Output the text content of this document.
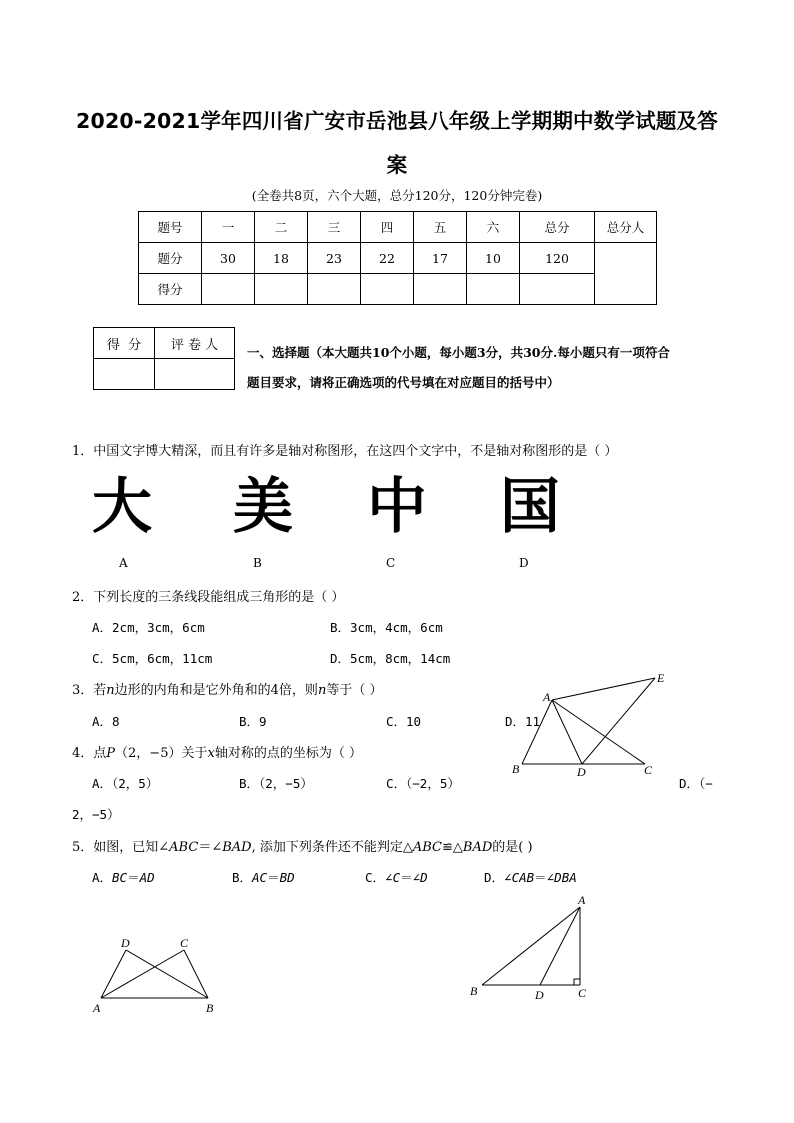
2020-2021学年四川省广安市岳池县八年级上学期期中数学试题及答
案
(全卷共8页，六个大题，总分120分，120分钟完卷)
题号	一	二	三	四	五	六	总分	总分人
题分	30	18	23	22	17	10	120	
得分								
得  分	评 卷 人
	一、选择题（本大题共10个小题，每小题3分，共30分.每小题只有一项符合
题目要求，请将正确选项的代号填在对应题目的括号中）
1．中国文字博大精深，而且有许多是轴对称图形，在这四个文字中，不是轴对称图形的是（ ）
大 美 中 国
A	B	C	D
2．下列长度的三条线段能组成三角形的是（ ）
A．2cm，3cm，6cm	B．3cm，4cm，6cm
C．5cm，6cm，11cm	D．5cm，8cm，14cm
3．若n边形的内角和是它外角和的4倍，则n等于（ ）
A．8	B．9	C．10	D．11
4．点P（2，−5）关于x轴对称的点的坐标为（ ）
A．（2，5）	B．（2，−5）	C．（−2，5）	D．（−
2，−5）
5．如图，已知∠ABC＝∠BAD, 添加下列条件还不能判定△ABC≌△BAD的是( )
A．BC＝AD	B．AC＝BD	C．∠C＝∠D	D．∠CAB＝∠DBA
A
E
B	D	C
D	C
A	B
A
B	D	C
